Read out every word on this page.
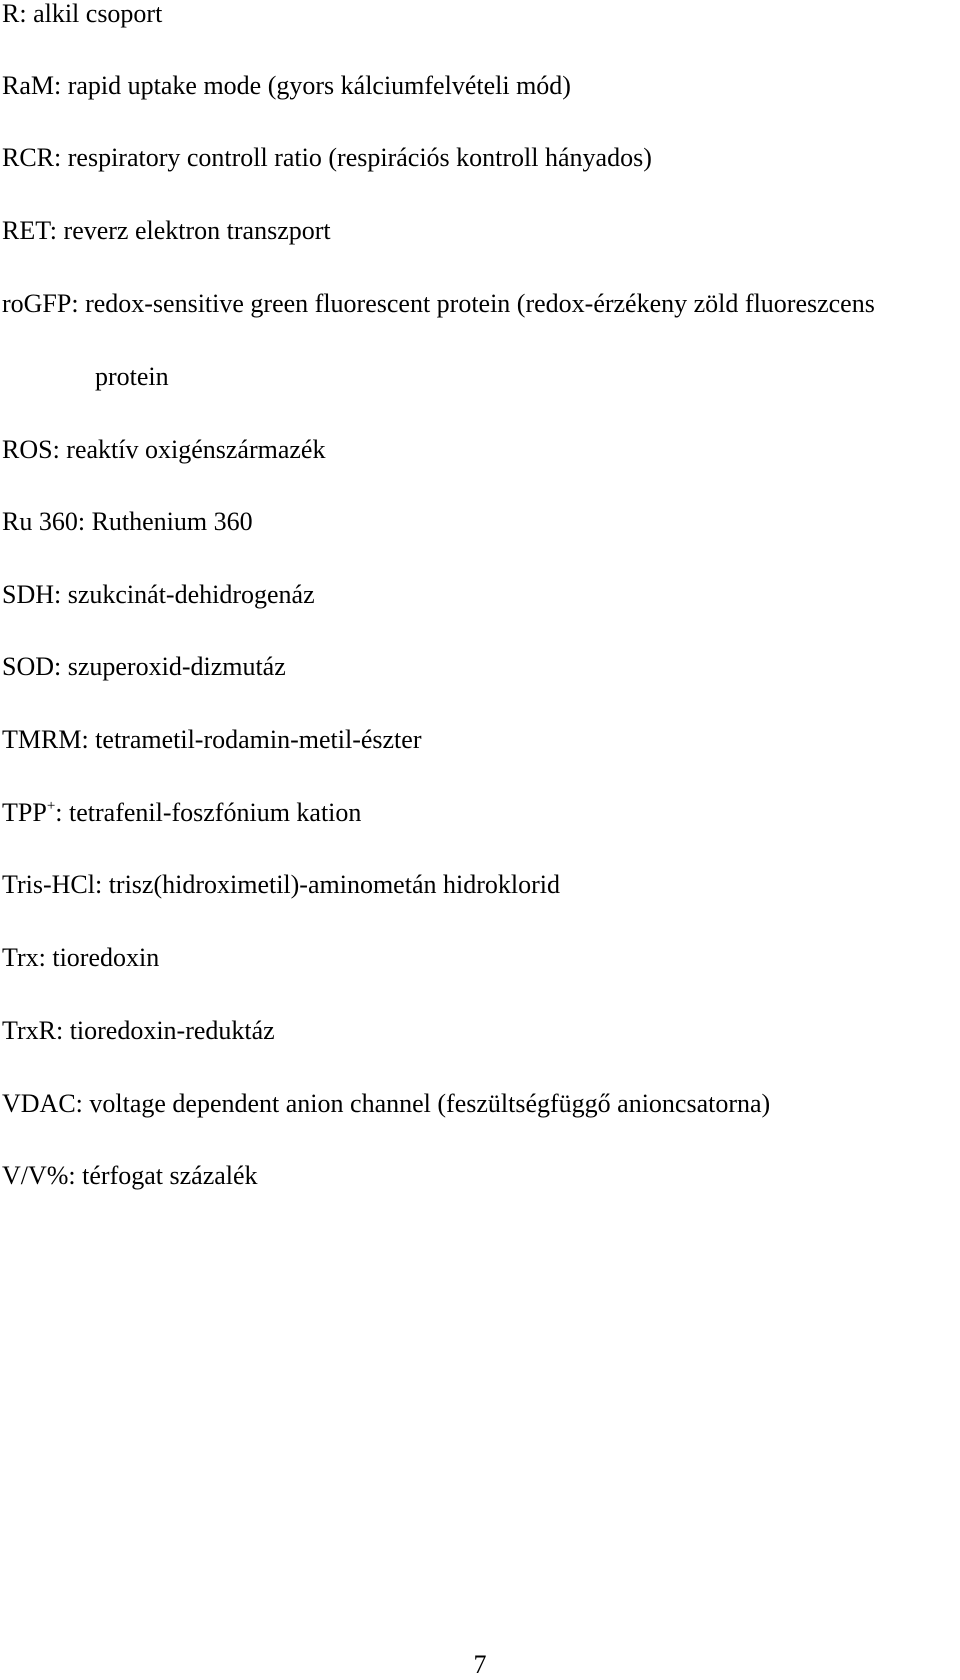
R: alkil csoport
RaM: rapid uptake mode (gyors kálciumfelvételi mód)
RCR: respiratory controll ratio (respirációs kontroll hányados)
RET: reverz elektron transzport
roGFP: redox-sensitive green fluorescent protein (redox-érzékeny zöld fluoreszcens
protein
ROS: reaktív oxigénszármazék
Ru 360: Ruthenium 360
SDH: szukcinát-dehidrogenáz
SOD: szuperoxid-dizmutáz
TMRM: tetrametil-rodamin-metil-észter
TPP+: tetrafenil-foszfónium kation
Tris-HCl: trisz(hidroximetil)-aminometán hidroklorid
Trx: tioredoxin
TrxR: tioredoxin-reduktáz
VDAC: voltage dependent anion channel (feszültségfüggő anioncsatorna)
V/V%: térfogat százalék
7
